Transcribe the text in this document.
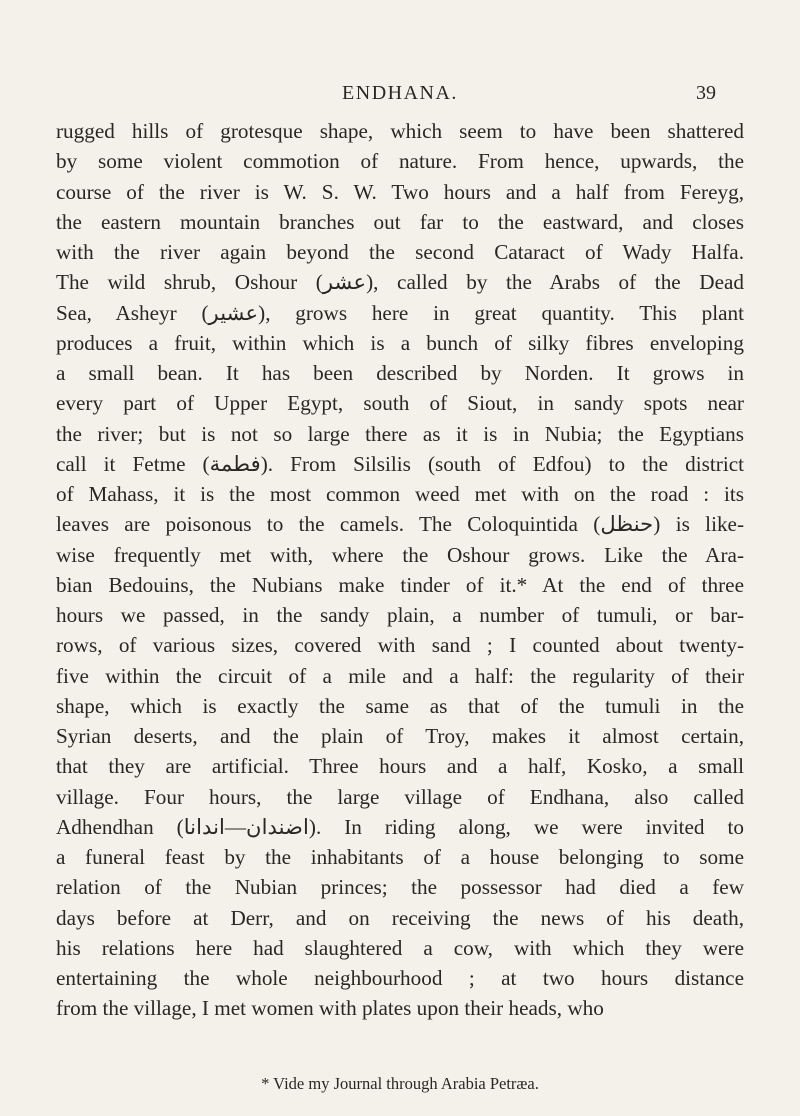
ENDHANA.	39
rugged hills of grotesque shape, which seem to have been shattered
by some violent commotion of nature. From hence, upwards, the
course of the river is W. S. W. Two hours and a half from Fereyg,
the eastern mountain branches out far to the eastward, and closes
with the river again beyond the second Cataract of Wady Halfa.
The wild shrub, Oshour (عشر), called by the Arabs of the Dead
Sea, Asheyr (عشير), grows here in great quantity. This plant
produces a fruit, within which is a bunch of silky fibres enveloping
a small bean. It has been described by Norden. It grows in
every part of Upper Egypt, south of Siout, in sandy spots near
the river; but is not so large there as it is in Nubia; the Egyptians
call it Fetme (فطمة). From Silsilis (south of Edfou) to the district
of Mahass, it is the most common weed met with on the road : its
leaves are poisonous to the camels. The Coloquintida (حنظل) is like-
wise frequently met with, where the Oshour grows. Like the Ara-
bian Bedouins, the Nubians make tinder of it.* At the end of three
hours we passed, in the sandy plain, a number of tumuli, or bar-
rows, of various sizes, covered with sand ; I counted about twenty-
five within the circuit of a mile and a half: the regularity of their
shape, which is exactly the same as that of the tumuli in the
Syrian deserts, and the plain of Troy, makes it almost certain,
that they are artificial. Three hours and a half, Kosko, a small
village. Four hours, the large village of Endhana, also called
Adhendhan (اضندان—اندانا). In riding along, we were invited to
a funeral feast by the inhabitants of a house belonging to some
relation of the Nubian princes; the possessor had died a few
days before at Derr, and on receiving the news of his death,
his relations here had slaughtered a cow, with which they were
entertaining the whole neighbourhood ; at two hours distance
from the village, I met women with plates upon their heads, who
* Vide my Journal through Arabia Petræa.
